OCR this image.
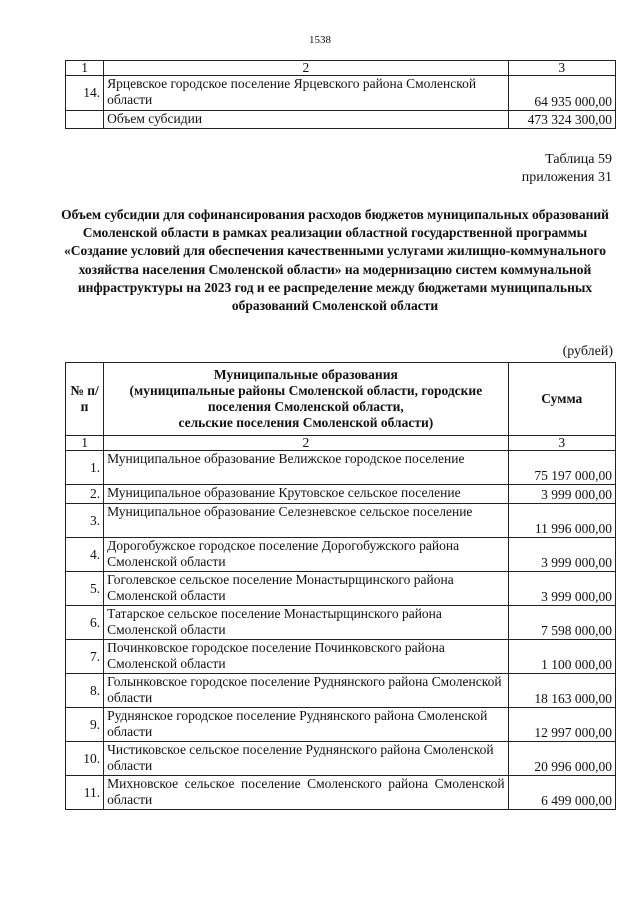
1538
1	2	3
14.	Ярцевское городское поселение Ярцевского района Смоленской области	64 935 000,00
	Объем субсидии	473 324 300,00
Таблица 59
приложения 31
Объем субсидии для софинансирования расходов бюджетов муниципальных образований Смоленской области в рамках реализации областной государственной программы «Создание условий для обеспечения качественными услугами жилищно-коммунального хозяйства населения Смоленской области» на модернизацию систем коммунальной инфраструктуры на 2023 год и ее распределение между бюджетами муниципальных образований Смоленской области
(рублей)
№ п/п	Муниципальные образования
(муниципальные районы Смоленской области, городские поселения Смоленской области,
сельские поселения Смоленской области)	Сумма
1	2	3
1.	Муниципальное образование Велижское городское поселение	75 197 000,00
2.	Муниципальное образование Крутовское сельское поселение	3 999 000,00
3.	Муниципальное образование Селезневское сельское поселение	11 996 000,00
4.	Дорогобужское городское поселение Дорогобужского района Смоленской области	3 999 000,00
5.	Гоголевское сельское поселение Монастырщинского района Смоленской области	3 999 000,00
6.	Татарское сельское поселение Монастырщинского района Смоленской области	7 598 000,00
7.	Починковское городское поселение Починковского района Смоленской области	1 100 000,00
8.	Голынковское городское поселение Руднянского района Смоленской области	18 163 000,00
9.	Руднянское городское поселение Руднянского района Смоленской области	12 997 000,00
10.	Чистиковское сельское поселение Руднянского района Смоленской области	20 996 000,00
11.	Михновское сельское поселение Смоленского района Смоленской области	6 499 000,00
